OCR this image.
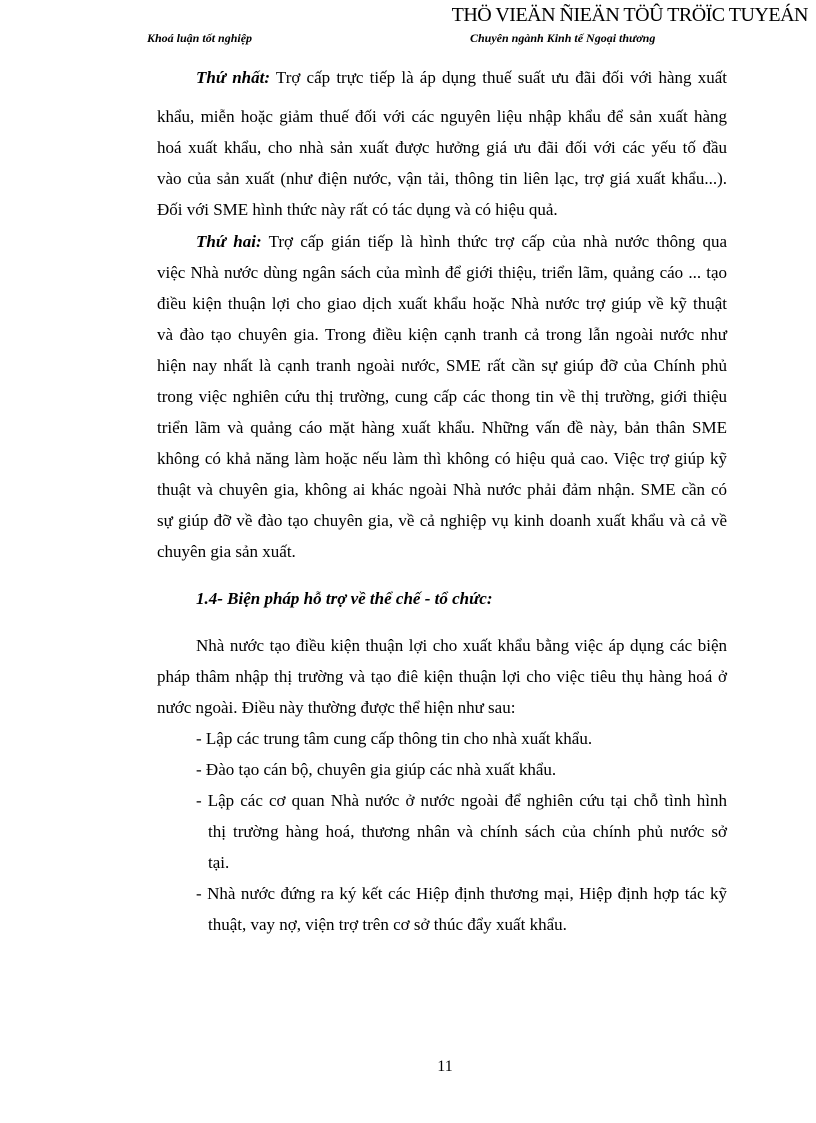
THÖ VIEÄN ÑIEÄN TÖÛ TRÖÏC TUYEÁN
Khoá luận tốt nghiệp	Chuyên ngành Kinh tế Ngoại thương
Thứ nhất: Trợ cấp trực tiếp là áp dụng thuế suất ưu đãi đối với hàng xuất
khẩu, miễn hoặc giảm thuế đối với các nguyên liệu nhập khẩu để sản xuất hàng
hoá xuất khẩu, cho nhà sản xuất được hưởng giá ưu đãi đối với các yếu tố đầu
vào của sản xuất (như điện nước, vận tải, thông tin liên lạc, trợ giá xuất khẩu...).
Đối với SME hình thức này rất có tác dụng và có hiệu quả.
Thứ hai: Trợ cấp gián tiếp là hình thức trợ cấp của nhà nước thông qua
việc Nhà nước dùng ngân sách của mình để giới thiệu, triển lãm, quảng cáo ... tạo
điều kiện thuận lợi cho giao dịch xuất khẩu hoặc Nhà nước trợ giúp về kỹ thuật
và đào tạo chuyên gia. Trong điều kiện cạnh tranh cả trong lẫn ngoài nước như
hiện nay nhất là cạnh tranh ngoài nước, SME rất cần sự giúp đỡ của Chính phủ
trong việc nghiên cứu thị trường, cung cấp các thong tin về thị trường, giới thiệu
triển lãm và quảng cáo mặt hàng xuất khẩu. Những vấn đề này, bản thân SME
không có khả năng làm hoặc nếu làm thì không có hiệu quả cao. Việc trợ giúp kỹ
thuật và chuyên gia, không ai khác ngoài Nhà nước phải đảm nhận. SME cần có
sự giúp đỡ về đào tạo chuyên gia, về cả nghiệp vụ kinh doanh xuất khẩu và cả về
chuyên gia sản xuất.
1.4- Biện pháp hỗ trợ về thể chế - tổ chức:
Nhà nước tạo điều kiện thuận lợi cho xuất khẩu bằng việc áp dụng các biện
pháp thâm nhập thị trường và tạo điê kiện thuận lợi cho việc tiêu thụ hàng hoá ở
nước ngoài. Điều này thường được thể hiện như sau:
- Lập các trung tâm cung cấp thông tin cho nhà xuất khẩu.
- Đào tạo cán bộ, chuyên gia giúp các nhà xuất khẩu.
- Lập các cơ quan Nhà nước ở nước ngoài để nghiên cứu tại chỗ tình hình
thị trường hàng hoá, thương nhân và chính sách của chính phủ nước sở
tại.
- Nhà nước đứng ra ký kết các Hiệp định thương mại, Hiệp định hợp tác kỹ
thuật, vay nợ, viện trợ trên cơ sở thúc đẩy xuất khẩu.
11
